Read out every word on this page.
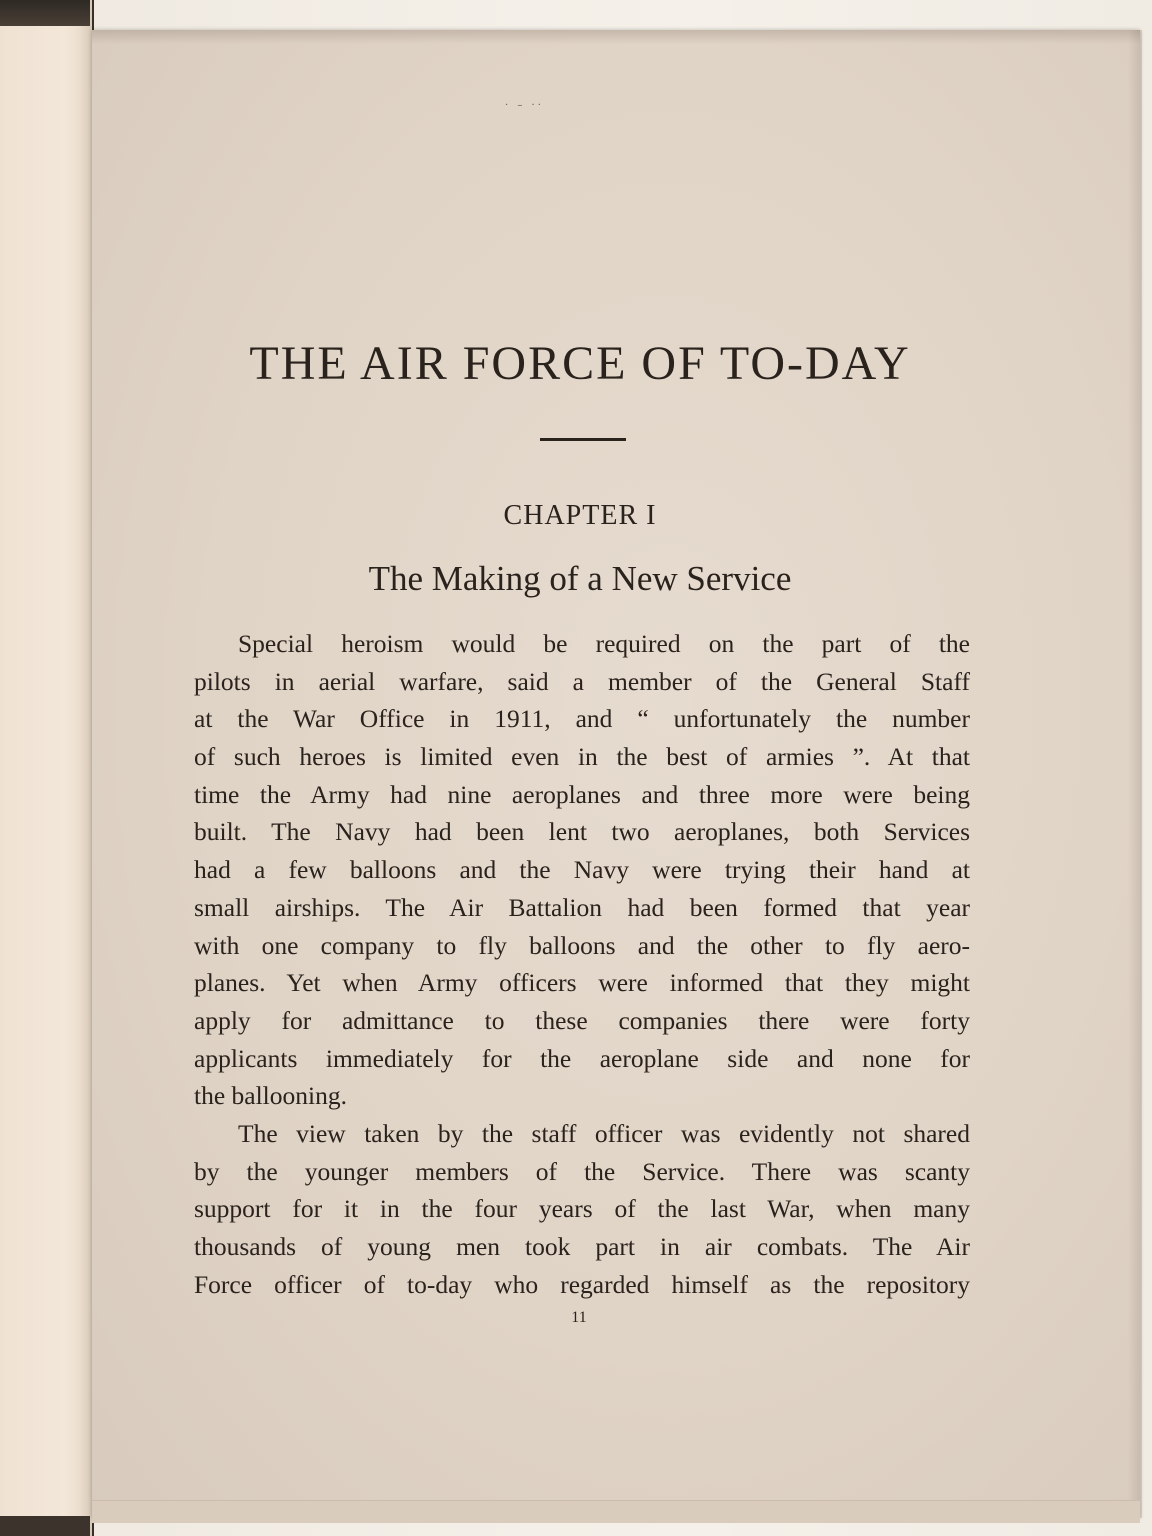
· – ··
THE AIR FORCE OF TO-DAY
CHAPTER I
The Making of a New Service
Special heroism would be required on the part of the
pilots in aerial warfare, said a member of the General Staff
at the War Office in 1911, and “ unfortunately the number
of such heroes is limited even in the best of armies ”. At that
time the Army had nine aeroplanes and three more were being
built. The Navy had been lent two aeroplanes, both Services
had a few balloons and the Navy were trying their hand at
small airships. The Air Battalion had been formed that year
with one company to fly balloons and the other to fly aero-
planes. Yet when Army officers were informed that they might
apply for admittance to these companies there were forty
applicants immediately for the aeroplane side and none for
the ballooning.
The view taken by the staff officer was evidently not shared
by the younger members of the Service. There was scanty
support for it in the four years of the last War, when many
thousands of young men took part in air combats. The Air
Force officer of to-day who regarded himself as the repository
11
